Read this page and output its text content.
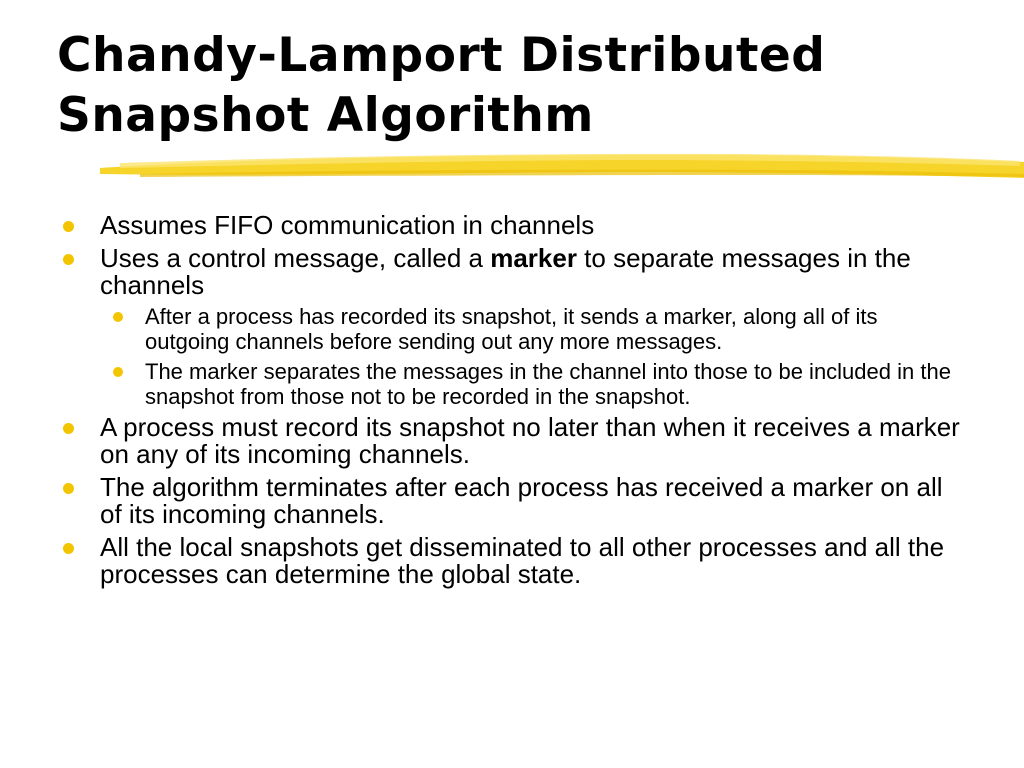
Chandy-Lamport Distributed Snapshot Algorithm

Assumes FIFO communication in channels

Uses a control message, called a marker to separate messages in the channels

After a process has recorded its snapshot, it sends a marker, along all of its outgoing channels before sending out any more messages.

The marker separates the messages in the channel into those to be included in the snapshot from those not to be recorded in the snapshot.

A process must record its snapshot no later than when it receives a marker on any of its incoming channels.

The algorithm terminates after each process has received a marker on all of its incoming channels.

All the local snapshots get disseminated to all other processes and all the processes can determine the global state.
